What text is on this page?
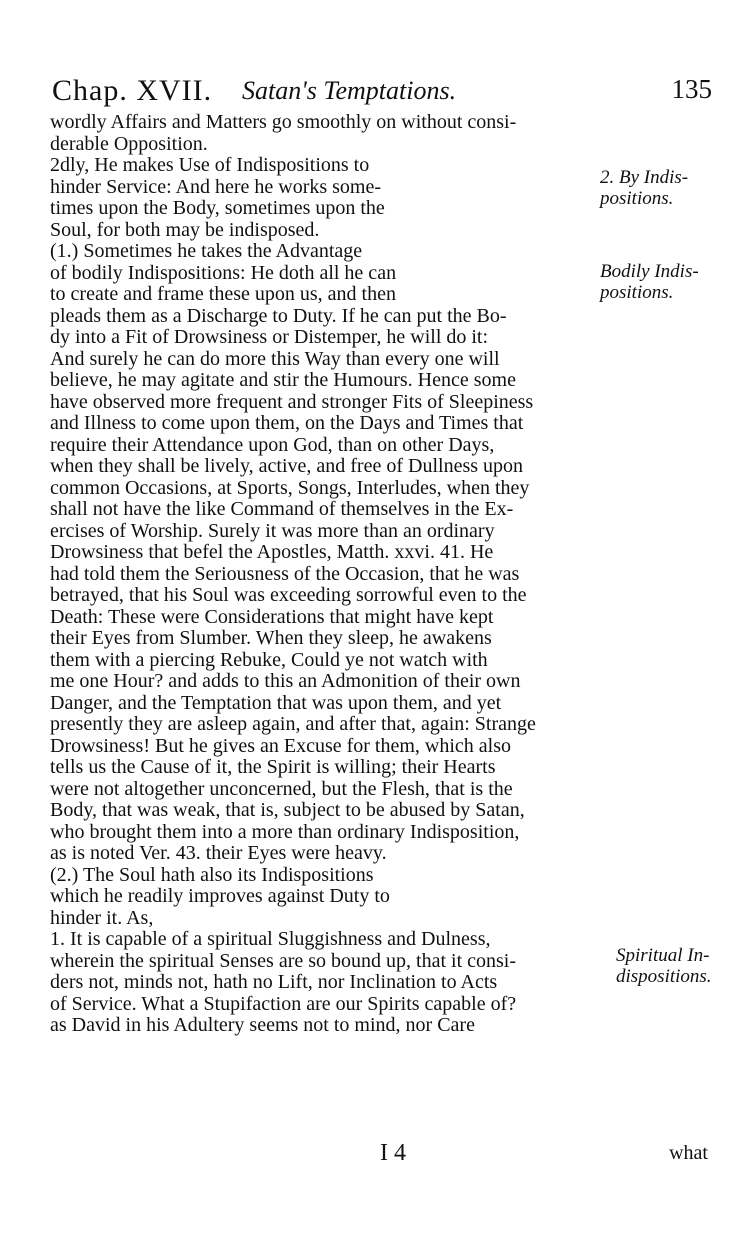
Chap. XVII. Satan's Temptations.	135
wordly Affairs and Matters go smoothly on without consi-
derable Opposition.
2dly, He makes Use of Indispositions to
hinder Service: And here he works some-
times upon the Body, sometimes upon the
Soul, for both may be indisposed.
(1.) Sometimes he takes the Advantage
of bodily Indispositions: He doth all he can
to create and frame these upon us, and then
pleads them as a Discharge to Duty. If he can put the Bo-
dy into a Fit of Drowsiness or Distemper, he will do it:
And surely he can do more this Way than every one will
believe, he may agitate and stir the Humours. Hence some
have observed more frequent and stronger Fits of Sleepiness
and Illness to come upon them, on the Days and Times that
require their Attendance upon God, than on other Days,
when they shall be lively, active, and free of Dullness upon
common Occasions, at Sports, Songs, Interludes, when they
shall not have the like Command of themselves in the Ex-
ercises of Worship. Surely it was more than an ordinary
Drowsiness that befel the Apostles, Matth. xxvi. 41. He
had told them the Seriousness of the Occasion, that he was
betrayed, that his Soul was exceeding sorrowful even to the
Death: These were Considerations that might have kept
their Eyes from Slumber. When they sleep, he awakens
them with a piercing Rebuke, Could ye not watch with
me one Hour? and adds to this an Admonition of their own
Danger, and the Temptation that was upon them, and yet
presently they are asleep again, and after that, again: Strange
Drowsiness! But he gives an Excuse for them, which also
tells us the Cause of it, the Spirit is willing; their Hearts
were not altogether unconcerned, but the Flesh, that is the
Body, that was weak, that is, subject to be abused by Satan,
who brought them into a more than ordinary Indisposition,
as is noted Ver. 43. their Eyes were heavy.
(2.) The Soul hath also its Indispositions
which he readily improves against Duty to
hinder it. As,
1. It is capable of a spiritual Sluggishness and Dulness,
wherein the spiritual Senses are so bound up, that it consi-
ders not, minds not, hath no Lift, nor Inclination to Acts
of Service. What a Stupifaction are our Spirits capable of?
as David in his Adultery seems not to mind, nor Care
2. By Indis-
positions.
Bodily Indis-
positions.
Spiritual In-
dispositions.
I 4	what
